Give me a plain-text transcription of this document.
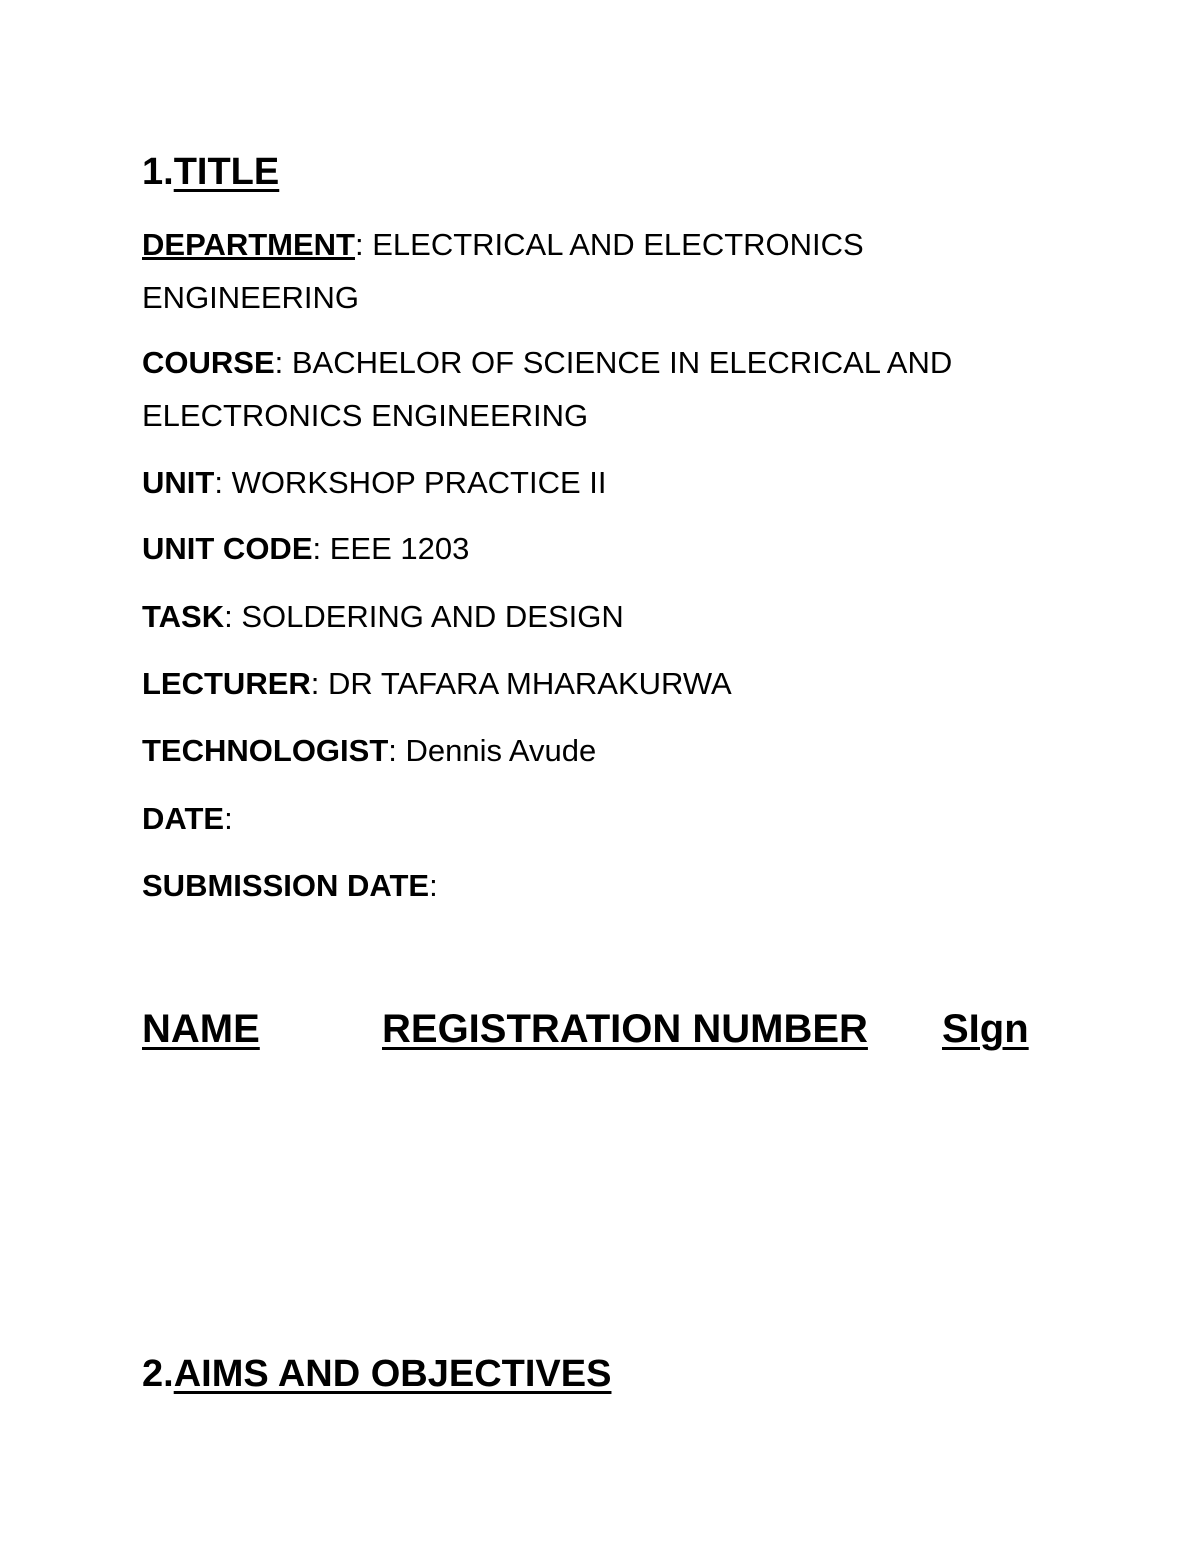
1.TITLE
DEPARTMENT: ELECTRICAL AND ELECTRONICS ENGINEERING
COURSE: BACHELOR OF SCIENCE IN ELECRICAL AND ELECTRONICS ENGINEERING
UNIT: WORKSHOP PRACTICE II
UNIT CODE: EEE 1203
TASK: SOLDERING AND DESIGN
LECTURER: DR TAFARA MHARAKURWA
TECHNOLOGIST: Dennis Avude
DATE:
SUBMISSION DATE:
NAME	REGISTRATION NUMBER SIgn
2.AIMS AND OBJECTIVES
